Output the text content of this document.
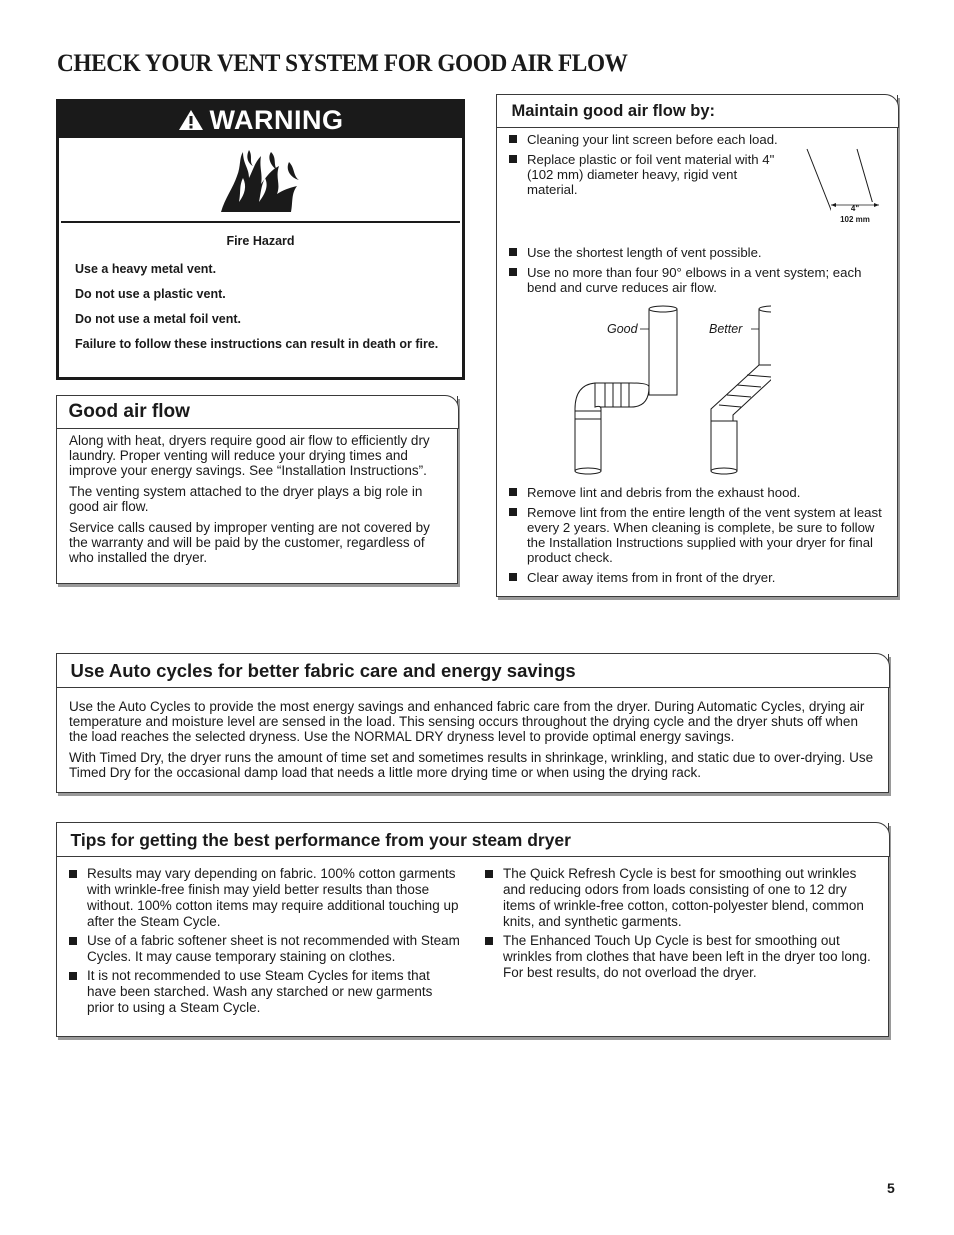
CHECK YOUR VENT SYSTEM FOR GOOD AIR FLOW
WARNING

Fire Hazard

Use a heavy metal vent.

Do not use a plastic vent.

Do not use a metal foil vent.

Failure to follow these instructions can result in death or fire.

Good air flow

Along with heat, dryers require good air flow to efficiently dry laundry. Proper venting will reduce your drying times and improve your energy savings. See “Installation Instructions”.

The venting system attached to the dryer plays a big role in good air flow.

Service calls caused by improper venting are not covered by the warranty and will be paid by the customer, regardless of who installed the dryer.

Maintain good air flow by:
Cleaning your lint screen before each load.
Replace plastic or foil vent material with 4" (102 mm) diameter heavy, rigid vent material.
4"
102 mm
Use the shortest length of vent possible.
Use no more than four 90° elbows in a vent system; each bend and curve reduces air flow.
Good	Better
Remove lint and debris from the exhaust hood.
Remove lint from the entire length of the vent system at least every 2 years. When cleaning is complete, be sure to follow the Installation Instructions supplied with your dryer for final product check.
Clear away items from in front of the dryer.
Use Auto cycles for better fabric care and energy savings

Use the Auto Cycles to provide the most energy savings and enhanced fabric care from the dryer. During Automatic Cycles, drying air temperature and moisture level are sensed in the load. This sensing occurs throughout the drying cycle and the dryer shuts off when the load reaches the selected dryness. Use the NORMAL DRY dryness level to provide optimal energy savings.

With Timed Dry, the dryer runs the amount of time set and sometimes results in shrinkage, wrinkling, and static due to over-drying. Use Timed Dry for the occasional damp load that needs a little more drying time or when using the drying rack.

Tips for getting the best performance from your steam dryer
Results may vary depending on fabric. 100% cotton garments with wrinkle-free finish may yield better results than those without. 100% cotton items may require additional touching up after the Steam Cycle.
Use of a fabric softener sheet is not recommended with Steam Cycles. It may cause temporary staining on clothes.
It is not recommended to use Steam Cycles for items that have been starched. Wash any starched or new garments prior to using a Steam Cycle.
The Quick Refresh Cycle is best for smoothing out wrinkles and reducing odors from loads consisting of one to 12 dry items of wrinkle-free cotton, cotton-polyester blend, common knits, and synthetic garments.
The Enhanced Touch Up Cycle is best for smoothing out wrinkles from clothes that have been left in the dryer too long. For best results, do not overload the dryer.
5
